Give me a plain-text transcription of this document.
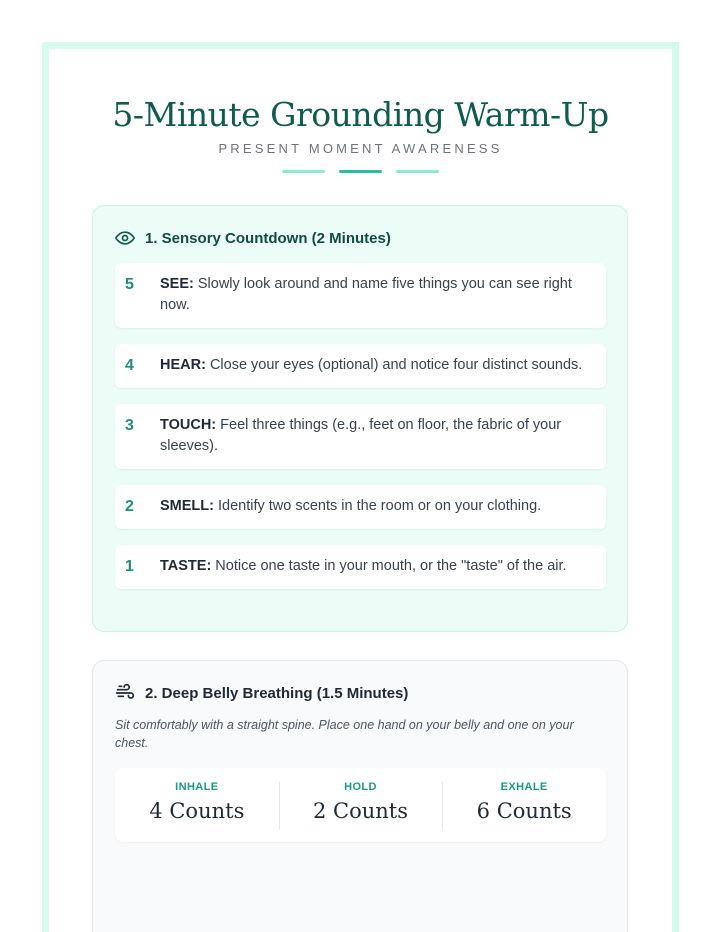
5-Minute Grounding Warm-Up
PRESENT MOMENT AWARENESS
1. Sensory Countdown (2 Minutes)
5	SEE: Slowly look around and name five things you can see right now.
4	HEAR: Close your eyes (optional) and notice four distinct sounds.
3	TOUCH: Feel three things (e.g., feet on floor, the fabric of your sleeves).
2	SMELL: Identify two scents in the room or on your clothing.
1	TASTE: Notice one taste in your mouth, or the "taste" of the air.
2. Deep Belly Breathing (1.5 Minutes)
Sit comfortably with a straight spine. Place one hand on your belly and one on your chest.
INHALE
4 Counts
HOLD
2 Counts
EXHALE
6 Counts
